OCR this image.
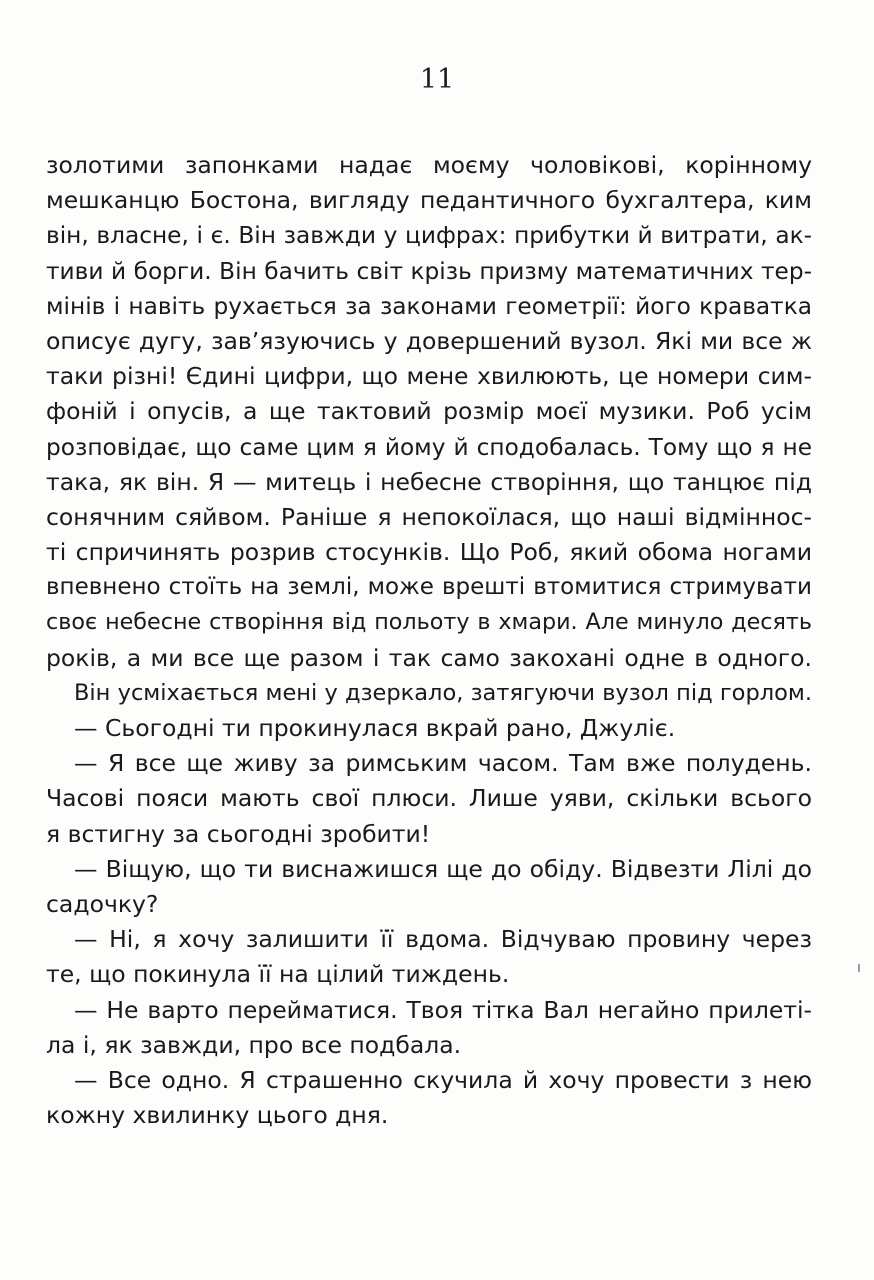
11
золотими запонками надає моєму чоловікові, корінному
мешканцю Бостона, вигляду педантичного бухгалтера, ким
він, власне, і є. Він завжди у цифрах: прибутки й витрати, ак-
тиви й борги. Він бачить світ крізь призму математичних тер-
мінів і навіть рухається за законами геометрії: його краватка
описує дугу, зав’язуючись у довершений вузол. Які ми все ж
таки різні! Єдині цифри, що мене хвилюють, це номери сим-
фоній і опусів, а ще тактовий розмір моєї музики. Роб усім
розповідає, що саме цим я йому й сподобалась. Тому що я не
така, як він. Я — митець і небесне створіння, що танцює під
сонячним сяйвом. Раніше я непокоїлася, що наші відміннос-
ті спричинять розрив стосунків. Що Роб, який обома ногами
впевнено стоїть на землі, може врешті втомитися стримувати
своє небесне створіння від польоту в хмари. Але минуло десять
років, а ми все ще разом і так само закохані одне в одного.
Він усміхається мені у дзеркало, затягуючи вузол під горлом.
— Сьогодні ти прокинулася вкрай рано, Джуліє.
— Я все ще живу за римським часом. Там вже полудень.
Часові пояси мають свої плюси. Лише уяви, скільки всього
я встигну за сьогодні зробити!
— Віщую, що ти виснажишся ще до обіду. Відвезти Лілі до
садочку?
— Ні, я хочу залишити її вдома. Відчуваю провину через
те, що покинула її на цілий тиждень.
— Не варто перейматися. Твоя тітка Вал негайно прилеті-
ла і, як завжди, про все подбала.
— Все одно. Я страшенно скучила й хочу провести з нею
кожну хвилинку цього дня.
